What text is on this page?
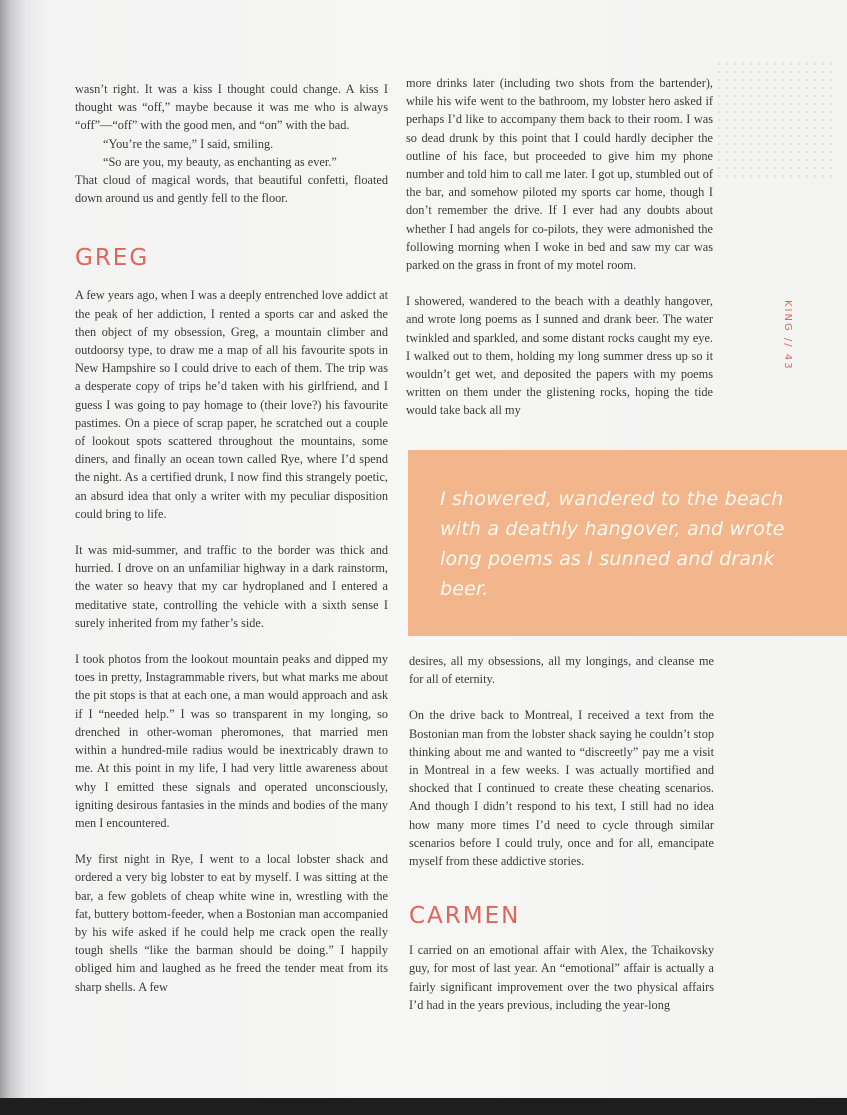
wasn’t right. It was a kiss I thought could change. A kiss I thought was “off,” maybe because it was me who is always “off”—“off” with the good men, and “on” with the bad.

“You’re the same,” I said, smiling.

“So are you, my beauty, as enchanting as ever.”

That cloud of magical words, that beautiful confetti, floated down around us and gently fell to the floor.

GREG

A few years ago, when I was a deeply entrenched love addict at the peak of her addiction, I rented a sports car and asked the then object of my obsession, Greg, a mountain climber and outdoorsy type, to draw me a map of all his favourite spots in New Hampshire so I could drive to each of them. The trip was a desperate copy of trips he’d taken with his girlfriend, and I guess I was going to pay homage to (their love?) his favourite pastimes. On a piece of scrap paper, he scratched out a couple of lookout spots scattered throughout the mountains, some diners, and finally an ocean town called Rye, where I’d spend the night. As a certified drunk, I now find this strangely poetic, an absurd idea that only a writer with my peculiar disposition could bring to life.

It was mid-summer, and traffic to the border was thick and hurried. I drove on an unfamiliar highway in a dark rainstorm, the water so heavy that my car hydroplaned and I entered a meditative state, controlling the vehicle with a sixth sense I surely inherited from my father’s side.

I took photos from the lookout mountain peaks and dipped my toes in pretty, Instagrammable rivers, but what marks me about the pit stops is that at each one, a man would approach and ask if I “needed help.” I was so transparent in my longing, so drenched in other-woman pheromones, that married men within a hundred-mile radius would be inextricably drawn to me. At this point in my life, I had very little awareness about why I emitted these signals and operated unconsciously, igniting desirous fantasies in the minds and bodies of the many men I encountered.

My first night in Rye, I went to a local lobster shack and ordered a very big lobster to eat by myself. I was sitting at the bar, a few goblets of cheap white wine in, wrestling with the fat, buttery bottom-feeder, when a Bostonian man accompanied by his wife asked if he could help me crack open the really tough shells “like the barman should be doing.” I happily obliged him and laughed as he freed the tender meat from its sharp shells. A few

more drinks later (including two shots from the bartender), while his wife went to the bathroom, my lobster hero asked if perhaps I’d like to accompany them back to their room. I was so dead drunk by this point that I could hardly decipher the outline of his face, but proceeded to give him my phone number and told him to call me later. I got up, stumbled out of the bar, and somehow piloted my sports car home, though I don’t remember the drive. If I ever had any doubts about whether I had angels for co-pilots, they were admonished the following morning when I woke in bed and saw my car was parked on the grass in front of my motel room.

I showered, wandered to the beach with a deathly hangover, and wrote long poems as I sunned and drank beer. The water twinkled and sparkled, and some distant rocks caught my eye. I walked out to them, holding my long summer dress up so it wouldn’t get wet, and deposited the papers with my poems written on them under the glistening rocks, hoping the tide would take back all my

I showered, wandered to the beach with a deathly hangover, and wrote long poems as I sunned and drank beer.

desires, all my obsessions, all my longings, and cleanse me for all of eternity.

On the drive back to Montreal, I received a text from the Bostonian man from the lobster shack saying he couldn’t stop thinking about me and wanted to “discreetly” pay me a visit in Montreal in a few weeks. I was actually mortified and shocked that I continued to create these cheating scenarios. And though I didn’t respond to his text, I still had no idea how many more times I’d need to cycle through similar scenarios before I could truly, once and for all, emancipate myself from these addictive stories.

CARMEN

I carried on an emotional affair with Alex, the Tchaikovsky guy, for most of last year. An “emotional” affair is actually a fairly significant improvement over the two physical affairs I’d had in the years previous, including the year-long

KING // 43
